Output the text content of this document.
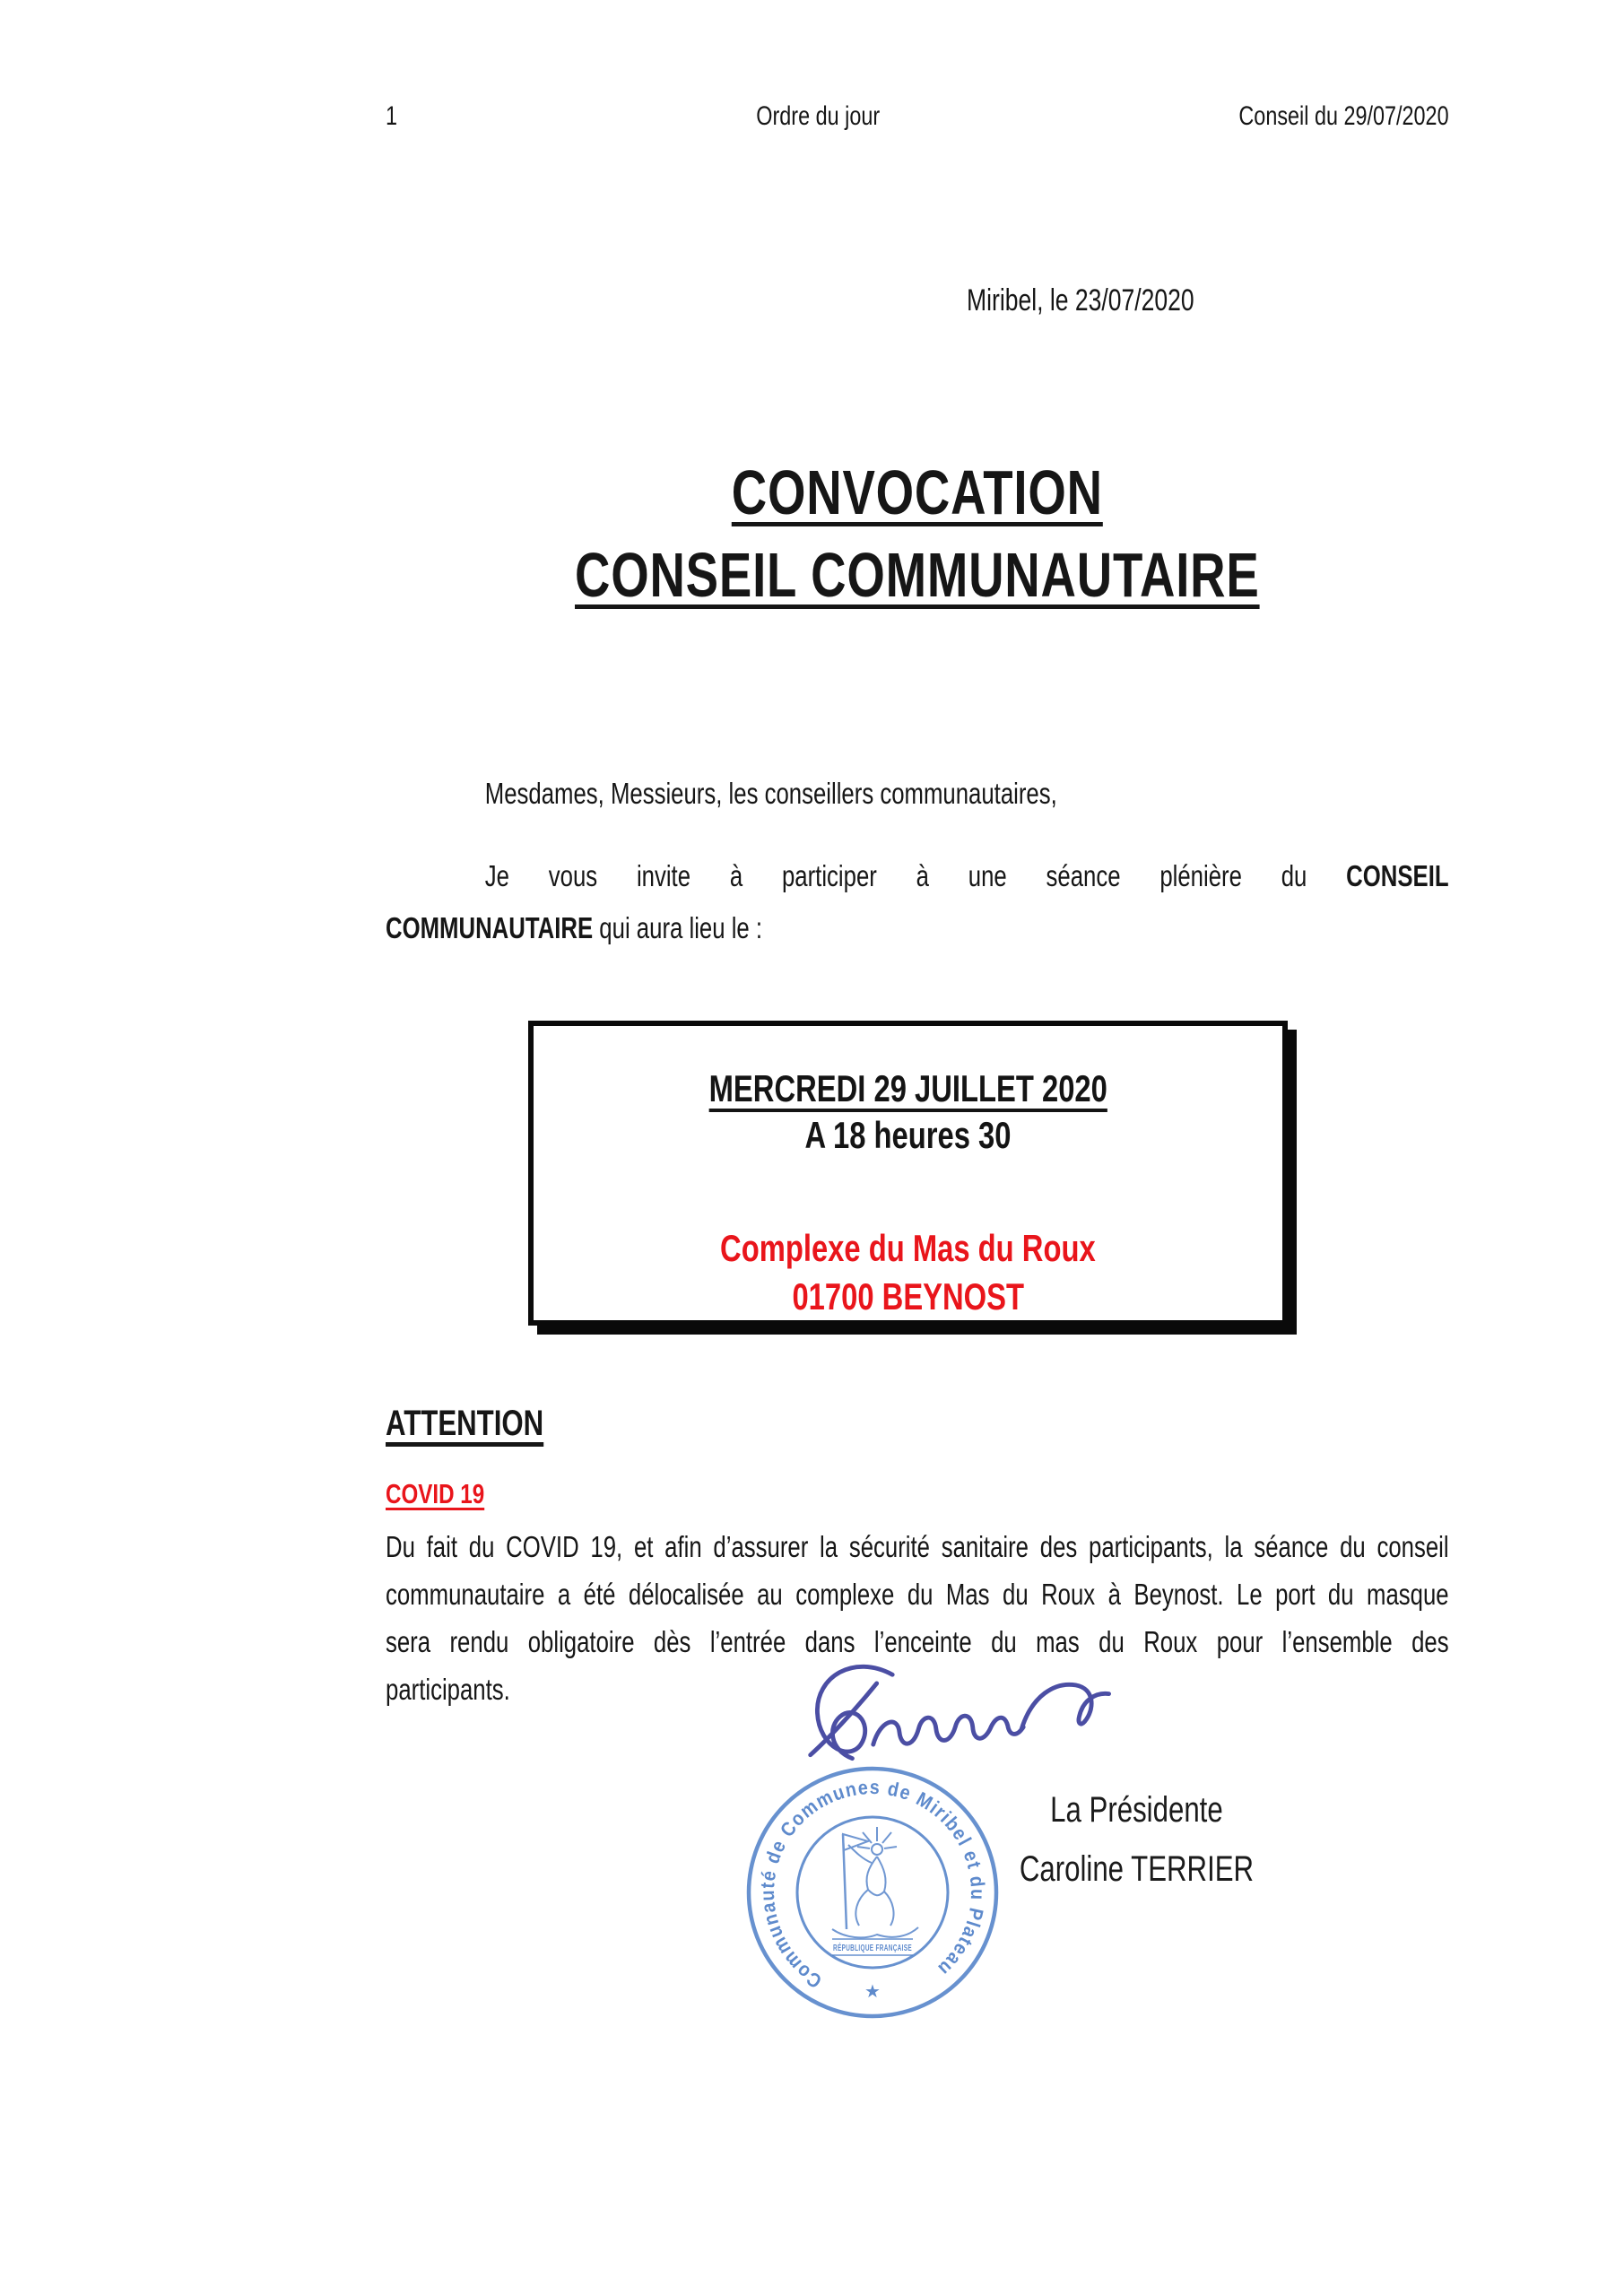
1	Ordre du jour	Conseil du 29/07/2020
Miribel, le 23/07/2020
CONVOCATION
CONSEIL COMMUNAUTAIRE
Mesdames, Messieurs, les conseillers communautaires,
Je vous invite à participer à une séance plénière du CONSEIL
COMMUNAUTAIRE qui aura lieu le :
MERCREDI 29 JUILLET 2020
A 18 heures 30
Complexe du Mas du Roux
01700 BEYNOST
ATTENTION
COVID 19
Du fait du COVID 19, et afin d’assurer la sécurité sanitaire des participants, la séance du conseil
communautaire a été délocalisée au complexe du Mas du Roux à Beynost. Le port du masque
sera rendu obligatoire dès l’entrée dans l’enceinte du mas du Roux pour l’ensemble des
participants.
Communauté de Communes de Miribel et du Plateau
★
RÉPUBLIQUE FRANÇAISE
La Présidente
Caroline TERRIER
